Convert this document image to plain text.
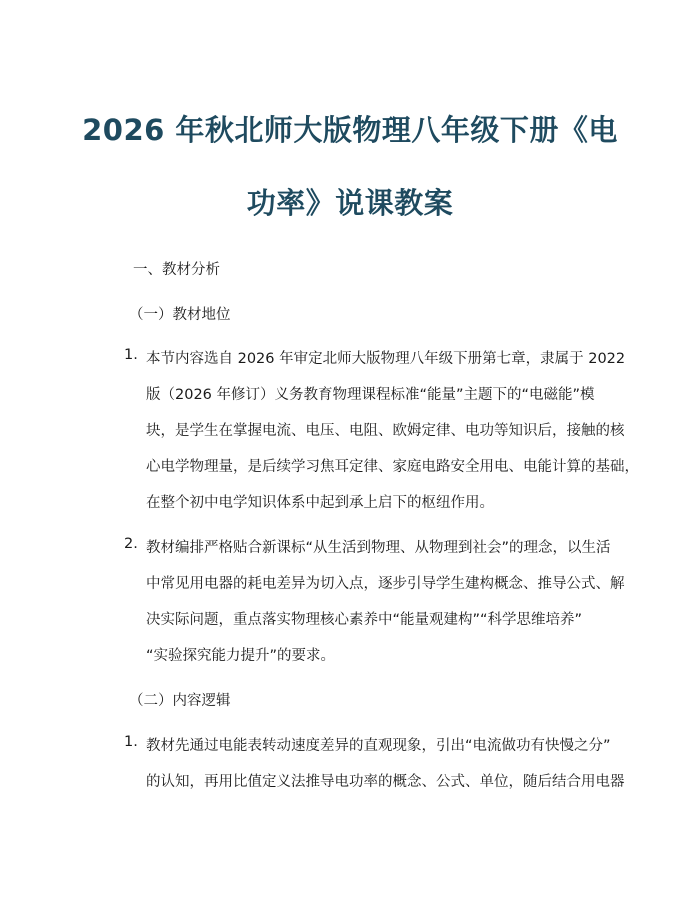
2026 年秋北师大版物理八年级下册《电
功率》说课教案
一、教材分析
（一）教材地位
1. 本节内容选自 2026 年审定北师大版物理八年级下册第七章，隶属于 2022
版（2026 年修订）义务教育物理课程标准“能量”主题下的“电磁能”模
块，是学生在掌握电流、电压、电阻、欧姆定律、电功等知识后，接触的核
心电学物理量，是后续学习焦耳定律、家庭电路安全用电、电能计算的基础，
在整个初中电学知识体系中起到承上启下的枢纽作用。
2. 教材编排严格贴合新课标“从生活到物理、从物理到社会”的理念，以生活
中常见用电器的耗电差异为切入点，逐步引导学生建构概念、推导公式、解
决实际问题，重点落实物理核心素养中“能量观建构”“科学思维培养”
“实验探究能力提升”的要求。
（二）内容逻辑
1. 教材先通过电能表转动速度差异的直观现象，引出“电流做功有快慢之分”
的认知，再用比值定义法推导电功率的概念、公式、单位，随后结合用电器
